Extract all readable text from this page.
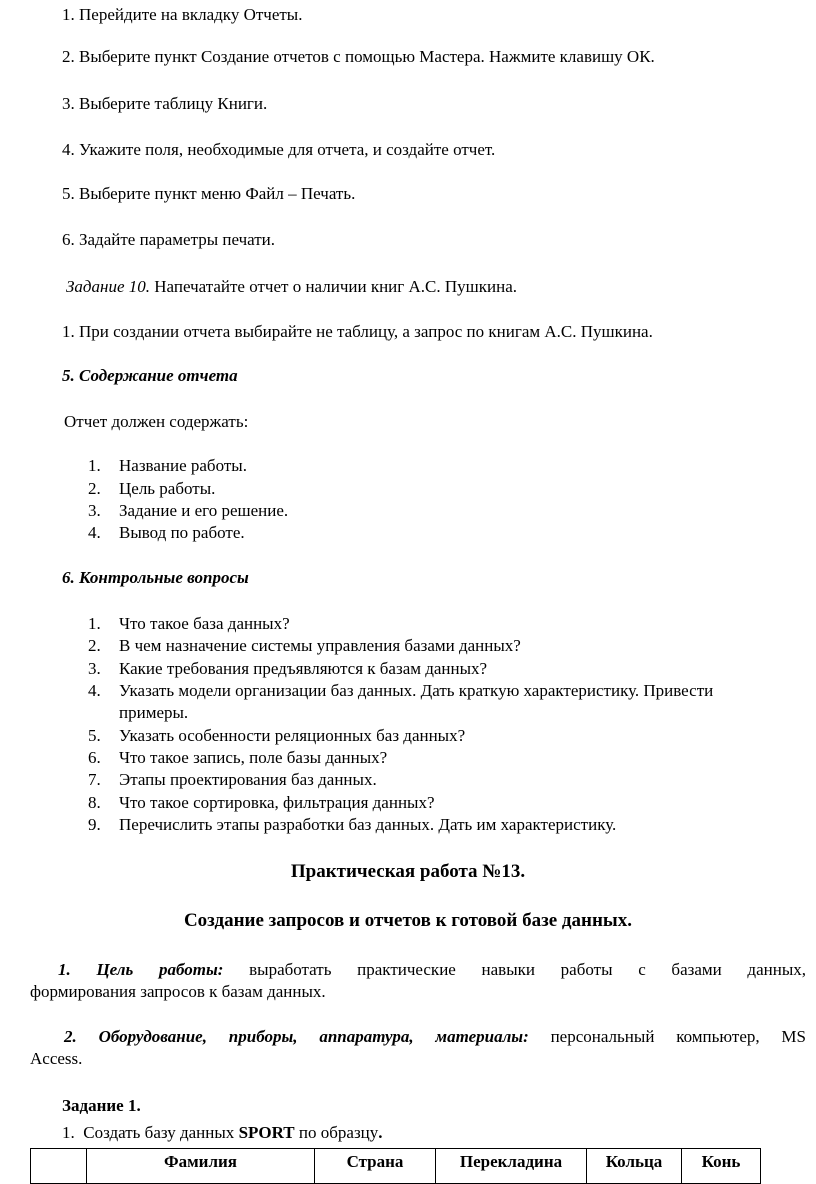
1. Перейдите на вкладку Отчеты.
2. Выберите пункт Создание отчетов с помощью Мастера. Нажмите клавишу ОК.
3. Выберите таблицу Книги.
4. Укажите поля, необходимые для отчета, и создайте отчет.
5. Выберите пункт меню Файл – Печать.
6. Задайте параметры печати.
Задание 10. Напечатайте отчет о наличии книг А.С. Пушкина.
1. При создании отчета выбирайте не таблицу, а запрос по книгам А.С. Пушкина.
5. Содержание отчета
Отчет должен содержать:
1.	Название работы.
2.	Цель работы.
3.	Задание и его решение.
4.	Вывод по работе.
6. Контрольные вопросы
1.	Что такое база данных?
2.	В чем назначение системы управления базами данных?
3.	Какие требования предъявляются к базам данных?
4.	Указать модели организации баз данных. Дать краткую характеристику. Привести
примеры.
5.	Указать особенности реляционных баз данных?
6.	Что такое запись, поле базы данных?
7.	Этапы проектирования баз данных.
8.	Что такое сортировка, фильтрация данных?
9.	Перечислить этапы разработки баз данных. Дать им характеристику.
Практическая работа №13.
Создание запросов и отчетов к готовой базе данных.
1. Цель работы: выработать практические навыки работы с базами данных,
формирования запросов к базам данных.
2. Оборудование, приборы, аппаратура, материалы: персональный компьютер, MS
Access.
Задание 1.
1. Создать базу данных SPORT по образцу.
	Фамилия	Страна	Перекладина	Кольца	Конь
